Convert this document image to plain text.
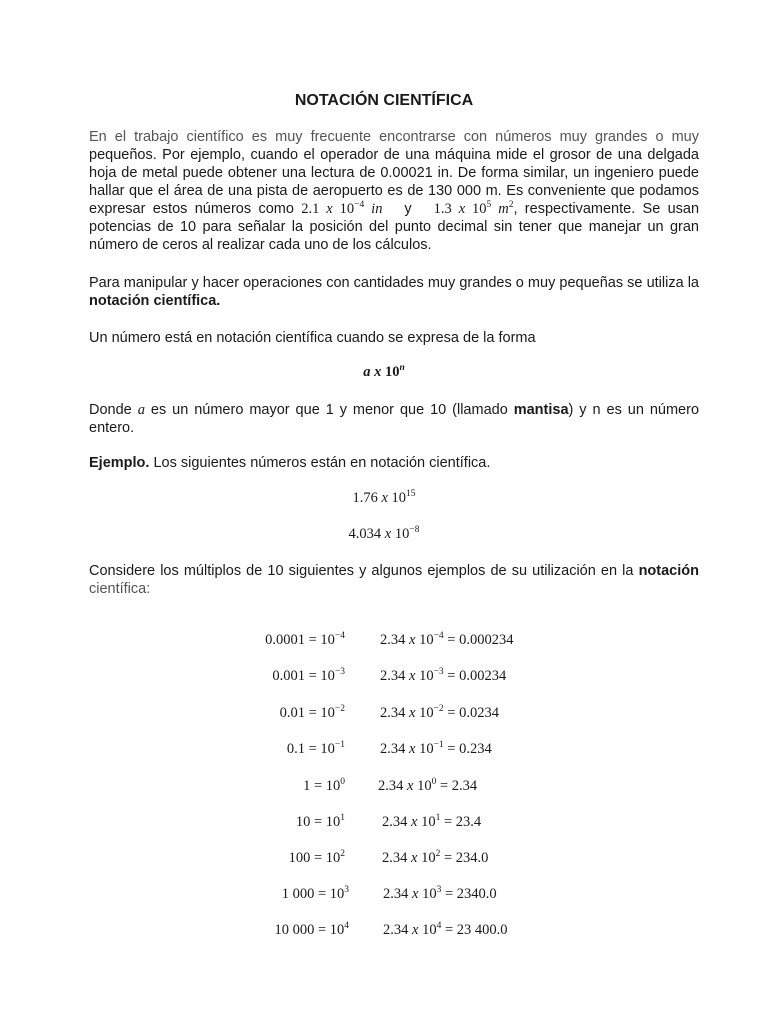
NOTACIÓN CIENTÍFICA

En el trabajo científico es muy frecuente encontrarse con números muy grandes o muy pequeños. Por ejemplo, cuando el operador de una máquina mide el grosor de una delgada hoja de metal puede obtener una lectura de 0.00021 in. De forma similar, un ingeniero puede hallar que el área de una pista de aeropuerto es de 130 000 m. Es conveniente que podamos expresar estos números como 2.1 x $10^{-4}$ in y 1.3 x $10^5$ $m^2$, respectivamente. Se usan potencias de 10 para señalar la posición del punto decimal sin tener que manejar un gran número de ceros al realizar cada uno de los cálculos.

Para manipular y hacer operaciones con cantidades muy grandes o muy pequeñas se utiliza la notación científica.

Un número está en notación científica cuando se expresa de la forma

a x 10$^n$

Donde a es un número mayor que 1 y menor que 10 (llamado mantisa) y n es un número entero.

Ejemplo. Los siguientes números están en notación científica.

1.76 x $10^{15}$
4.034 x $10^{-8}$

Considere los múltiplos de 10 siguientes y algunos ejemplos de su utilización en la notación científica:

$0.0001 = 10^{-4}$ 2.34 x $10^{-4} = 0.000234$
$0.001 = 10^{-3}$ 2.34 x $10^{-3} = 0.00234$
$0.01 = 10^{-2}$ 2.34 x $10^{-2} = 0.0234$
$0.1 = 10^{-1}$ 2.34 x $10^{-1} = 0.234$
$1 = 10^0$ 2.34 x $10^0 = 2.34$
$10 = 10^1$	2.34 x $10^1 = 23.4$
$100 = 10^2$	2.34 x $10^2 = 234.0$
1 $000 = 10^3$ 2.34 x $10^3 = 2340.0$
10 $000 = 10^4$ 2.34 x $10^4 = 23$ 400.0
